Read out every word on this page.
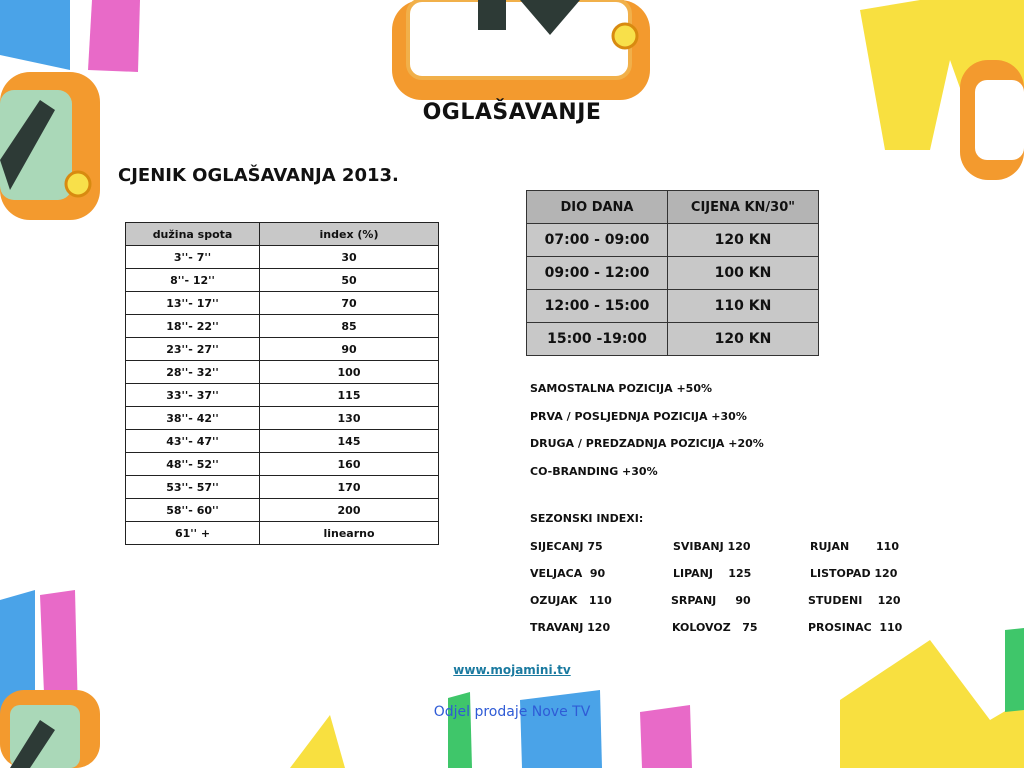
OGLAŠAVANJE
CJENIK OGLAŠAVANJA 2013.
dužina spota	index (%)
3''- 7''	30
8''- 12''	50
13''- 17''	70
18''- 22''	85
23''- 27''	90
28''- 32''	100
33''- 37''	115
38''- 42''	130
43''- 47''	145
48''- 52''	160
53''- 57''	170
58''- 60''	200
61'' +	linearno
DIO DANA	CIJENA KN/30"
07:00 - 09:00	120 KN
09:00 - 12:00	100 KN
12:00 - 15:00	110 KN
15:00 -19:00	120 KN
SAMOSTALNA POZICIJA +50%
PRVA / POSLJEDNJA POZICIJA +30%
DRUGA / PREDZADNJA POZICIJA +20%
CO-BRANDING +30%
SEZONSKI INDEXI:
SIJECANJ 75	SVIBANJ 120	RUJAN       110
VELJACA  90	LIPANJ    125	LISTOPAD 120
OZUJAK   110	SRPANJ     90	STUDENI    120
TRAVANJ 120	KOLOVOZ   75	PROSINAC  110
www.mojamini.tv
Odjel prodaje Nove TV
